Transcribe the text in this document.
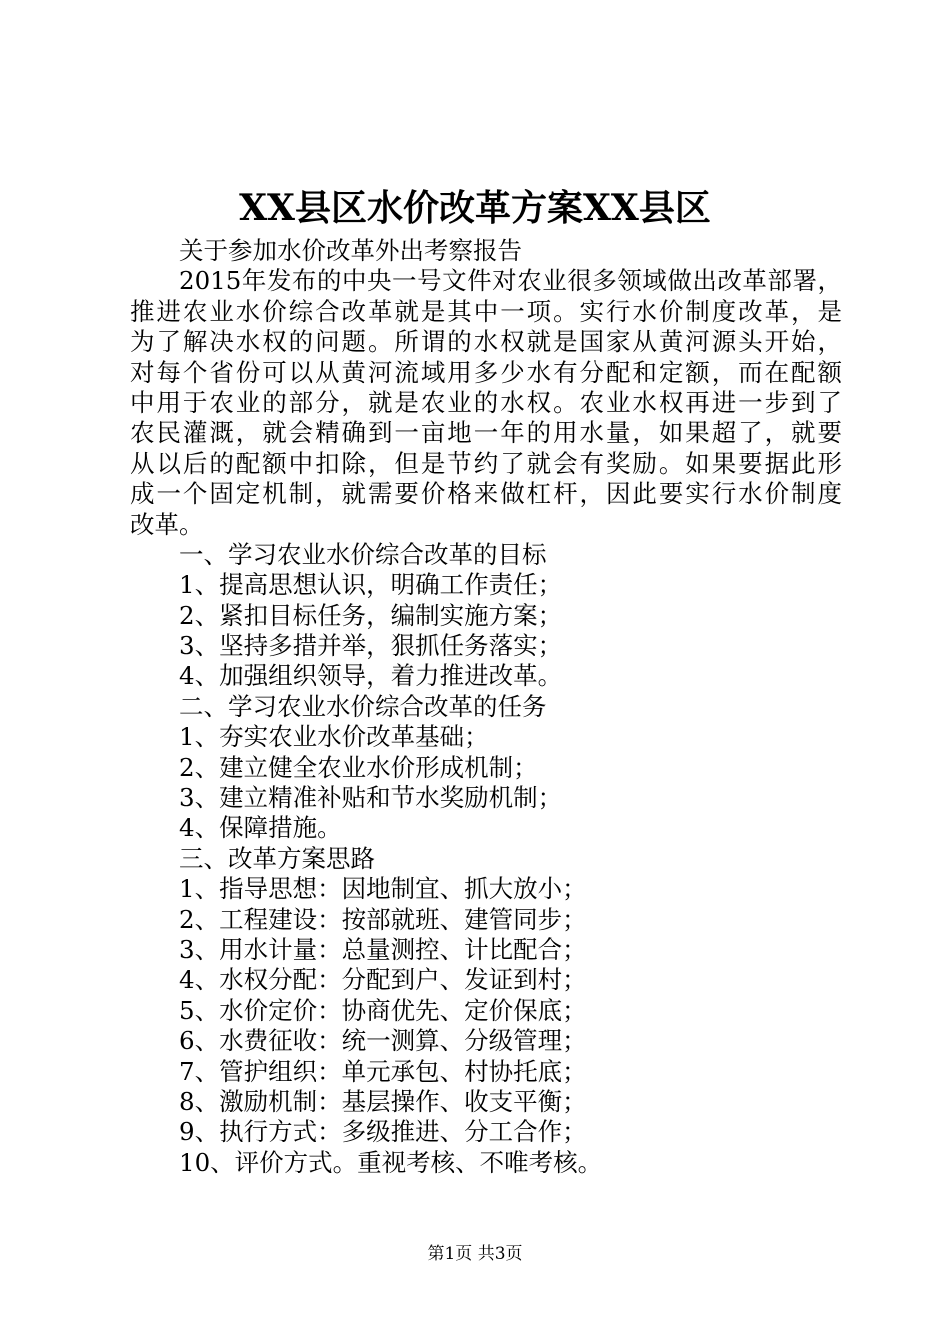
XX县区水价改革方案XX县区
关于参加水价改革外出考察报告
2015年发布的中央一号文件对农业很多领域做出改革部署，
推进农业水价综合改革就是其中一项。实行水价制度改革，是
为了解决水权的问题。所谓的水权就是国家从黄河源头开始，
对每个省份可以从黄河流域用多少水有分配和定额，而在配额
中用于农业的部分，就是农业的水权。农业水权再进一步到了
农民灌溉，就会精确到一亩地一年的用水量，如果超了，就要
从以后的配额中扣除，但是节约了就会有奖励。如果要据此形
成一个固定机制，就需要价格来做杠杆，因此要实行水价制度
改革。
一、学习农业水价综合改革的目标
1、提高思想认识，明确工作责任；
2、紧扣目标任务，编制实施方案；
3、坚持多措并举，狠抓任务落实；
4、加强组织领导，着力推进改革。
二、学习农业水价综合改革的任务
1、夯实农业水价改革基础；
2、建立健全农业水价形成机制；
3、建立精准补贴和节水奖励机制；
4、保障措施。
三、改革方案思路
1、指导思想：因地制宜、抓大放小；
2、工程建设：按部就班、建管同步；
3、用水计量：总量测控、计比配合；
4、水权分配：分配到户、发证到村；
5、水价定价：协商优先、定价保底；
6、水费征收：统一测算、分级管理；
7、管护组织：单元承包、村协托底；
8、激励机制：基层操作、收支平衡；
9、执行方式：多级推进、分工合作；
10、评价方式。重视考核、不唯考核。
第1页 共3页
